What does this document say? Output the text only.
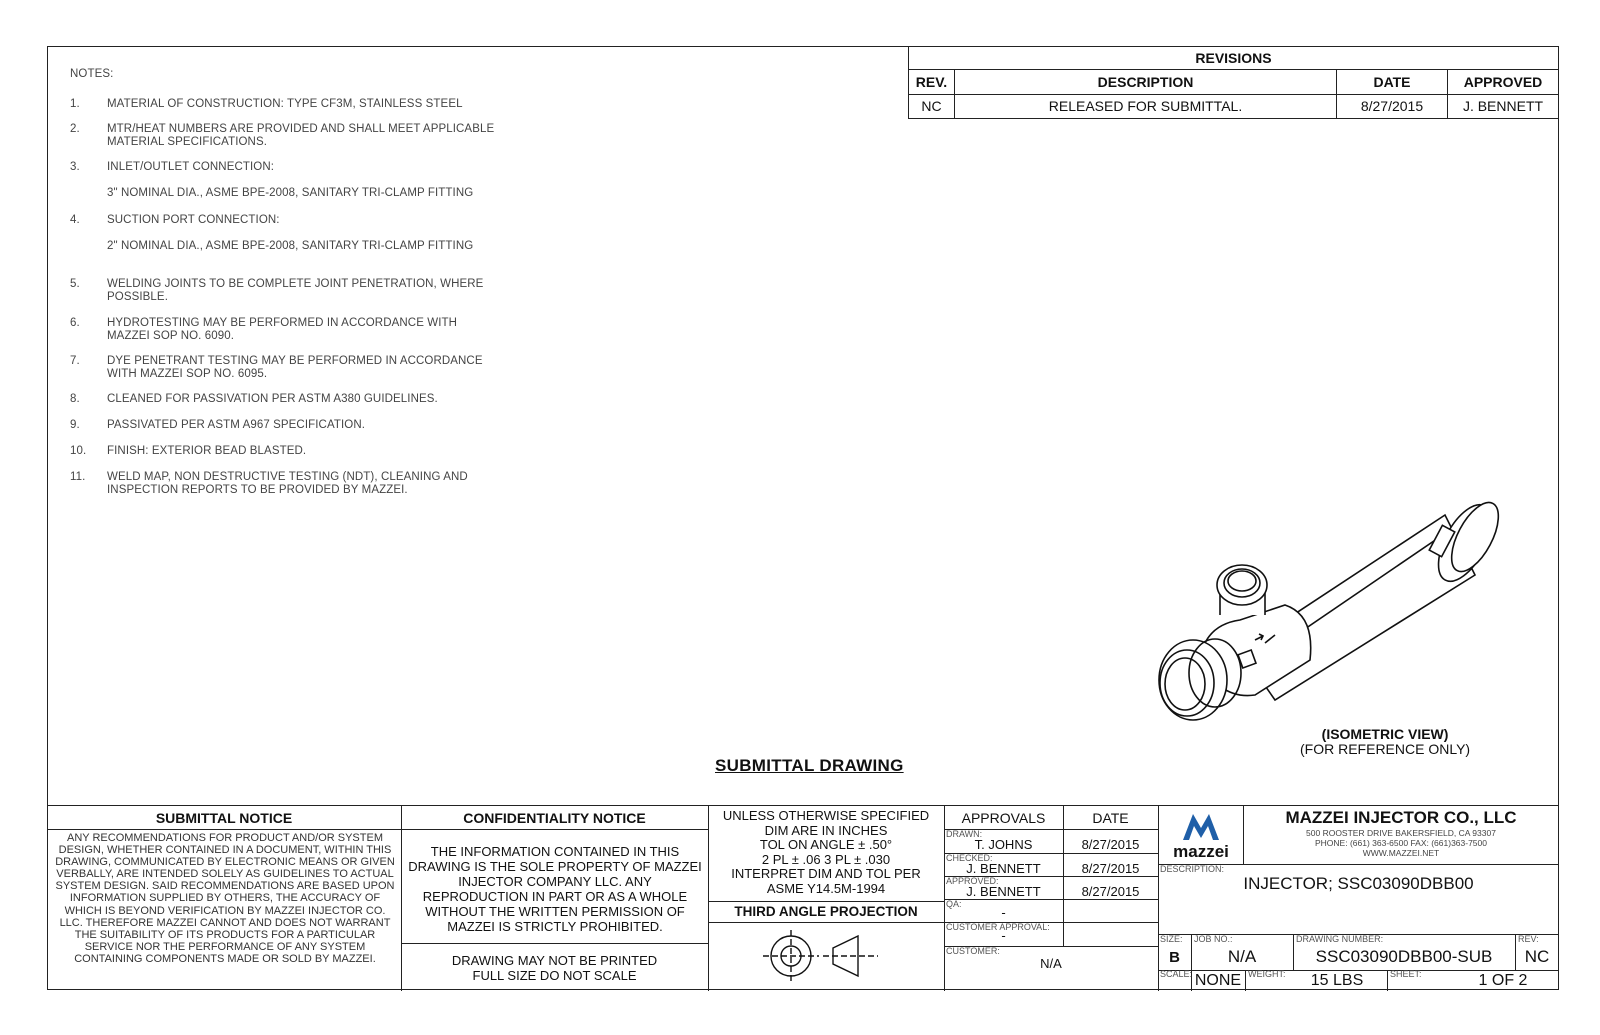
NOTES:
1. MATERIAL OF CONSTRUCTION: TYPE CF3M, STAINLESS STEEL
2. MTR/HEAT NUMBERS ARE PROVIDED AND SHALL MEET APPLICABLE
MATERIAL SPECIFICATIONS.
3. INLET/OUTLET CONNECTION:
3" NOMINAL DIA., ASME BPE-2008, SANITARY TRI-CLAMP FITTING
4. SUCTION PORT CONNECTION:
2" NOMINAL DIA., ASME BPE-2008, SANITARY TRI-CLAMP FITTING
5. WELDING JOINTS TO BE COMPLETE JOINT PENETRATION, WHERE
POSSIBLE.
6. HYDROTESTING MAY BE PERFORMED IN ACCORDANCE WITH
MAZZEI SOP NO. 6090.
7. DYE PENETRANT TESTING MAY BE PERFORMED IN ACCORDANCE
WITH MAZZEI SOP NO. 6095.
8. CLEANED FOR PASSIVATION PER ASTM A380 GUIDELINES.
9. PASSIVATED PER ASTM A967 SPECIFICATION.
10. FINISH: EXTERIOR BEAD BLASTED.
11. WELD MAP, NON DESTRUCTIVE TESTING (NDT), CLEANING AND
INSPECTION REPORTS TO BE PROVIDED BY MAZZEI.
REVISIONS			
REV.	DESCRIPTION	DATE	APPROVED
NC	RELEASED FOR SUBMITTAL.	8/27/2015	J. BENNETT
SUBMITTAL DRAWING
(ISOMETRIC VIEW)
(FOR REFERENCE ONLY)
SUBMITTAL NOTICE
ANY RECOMMENDATIONS FOR PRODUCT AND/OR SYSTEM DESIGN, WHETHER CONTAINED IN A DOCUMENT, WITHIN THIS DRAWING, COMMUNICATED BY ELECTRONIC MEANS OR GIVEN VERBALLY, ARE INTENDED SOLELY AS GUIDELINES TO ACTUAL SYSTEM DESIGN. SAID RECOMMENDATIONS ARE BASED UPON INFORMATION SUPPLIED BY OTHERS, THE ACCURACY OF WHICH IS BEYOND VERIFICATION BY MAZZEI INJECTOR CO. LLC. THEREFORE MAZZEI CANNOT AND DOES NOT WARRANT THE SUITABILITY OF ITS PRODUCTS FOR A PARTICULAR SERVICE NOR THE PERFORMANCE OF ANY SYSTEM CONTAINING COMPONENTS MADE OR SOLD BY MAZZEI.
CONFIDENTIALITY NOTICE
THE INFORMATION CONTAINED IN THIS DRAWING IS THE SOLE PROPERTY OF MAZZEI INJECTOR COMPANY LLC. ANY REPRODUCTION IN PART OR AS A WHOLE WITHOUT THE WRITTEN PERMISSION OF MAZZEI IS STRICTLY PROHIBITED.
DRAWING MAY NOT BE PRINTED
FULL SIZE DO NOT SCALE
UNLESS OTHERWISE SPECIFIED
DIM ARE IN INCHES
TOL ON ANGLE ± .50°
2 PL ± .06 3 PL ± .030
INTERPRET DIM AND TOL PER
ASME Y14.5M-1994
THIRD ANGLE PROJECTION
APPROVALS	DATE
DRAWN:
T. JOHNS	8/27/2015
CHECKED:
J. BENNETT	8/27/2015
APPROVED:
J. BENNETT	8/27/2015
QA:
-
CUSTOMER APPROVAL:
-
CUSTOMER:
N/A
mazzei
MAZZEI INJECTOR CO., LLC
500 ROOSTER DRIVE BAKERSFIELD, CA 93307
PHONE: (661) 363-6500 FAX: (661)363-7500
WWW.MAZZEI.NET
DESCRIPTION:
INJECTOR; SSC03090DBB00
SIZE:
B
JOB NO.:
N/A
DRAWING NUMBER:
SSC03090DBB00-SUB
REV:
NC
SCALE: NONE WEIGHT:	15 LBS	SHEET:	1 OF 2
